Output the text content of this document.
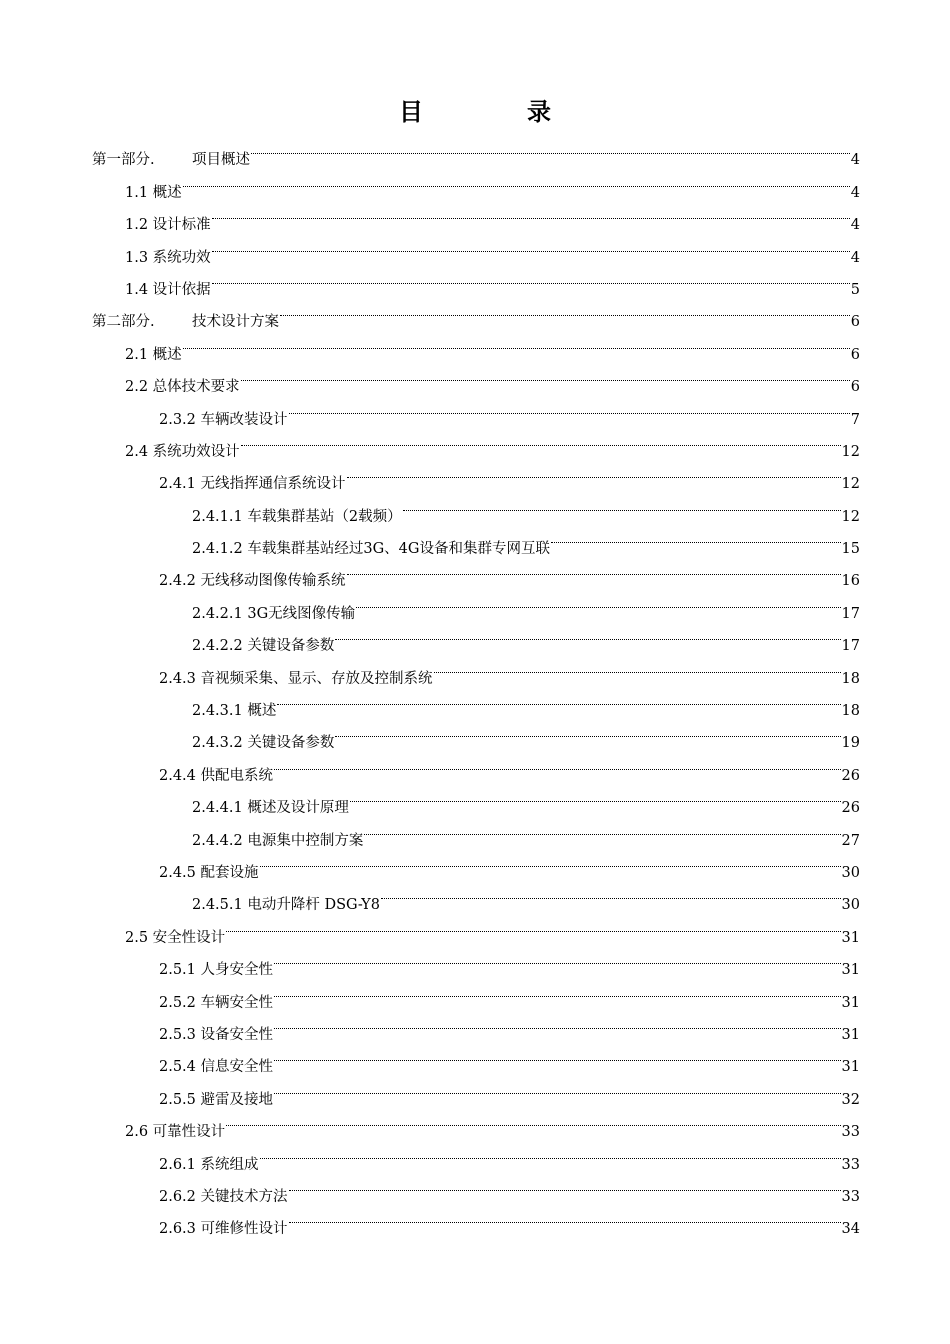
目　录
第一部分.	项目概述	4
1.1 概述	4
1.2 设计标准	4
1.3 系统功效	4
1.4 设计依据	5
第二部分.	技术设计方案	6
2.1 概述	6
2.2 总体技术要求	6
2.3.2 车辆改装设计	7
2.4 系统功效设计	12
2.4.1 无线指挥通信系统设计	12
2.4.1.1 车载集群基站（2载频）	12
2.4.1.2 车载集群基站经过3G、4G设备和集群专网互联	15
2.4.2 无线移动图像传输系统	16
2.4.2.1 3G无线图像传输	17
2.4.2.2 关键设备参数	17
2.4.3 音视频采集、显示、存放及控制系统	18
2.4.3.1 概述	18
2.4.3.2 关键设备参数	19
2.4.4 供配电系统	26
2.4.4.1 概述及设计原理	26
2.4.4.2 电源集中控制方案	27
2.4.5 配套设施	30
2.4.5.1 电动升降杆 DSG-Y8	30
2.5 安全性设计	31
2.5.1 人身安全性	31
2.5.2 车辆安全性	31
2.5.3 设备安全性	31
2.5.4 信息安全性	31
2.5.5 避雷及接地	32
2.6 可靠性设计	33
2.6.1 系统组成	33
2.6.2 关键技术方法	33
2.6.3 可维修性设计	34
